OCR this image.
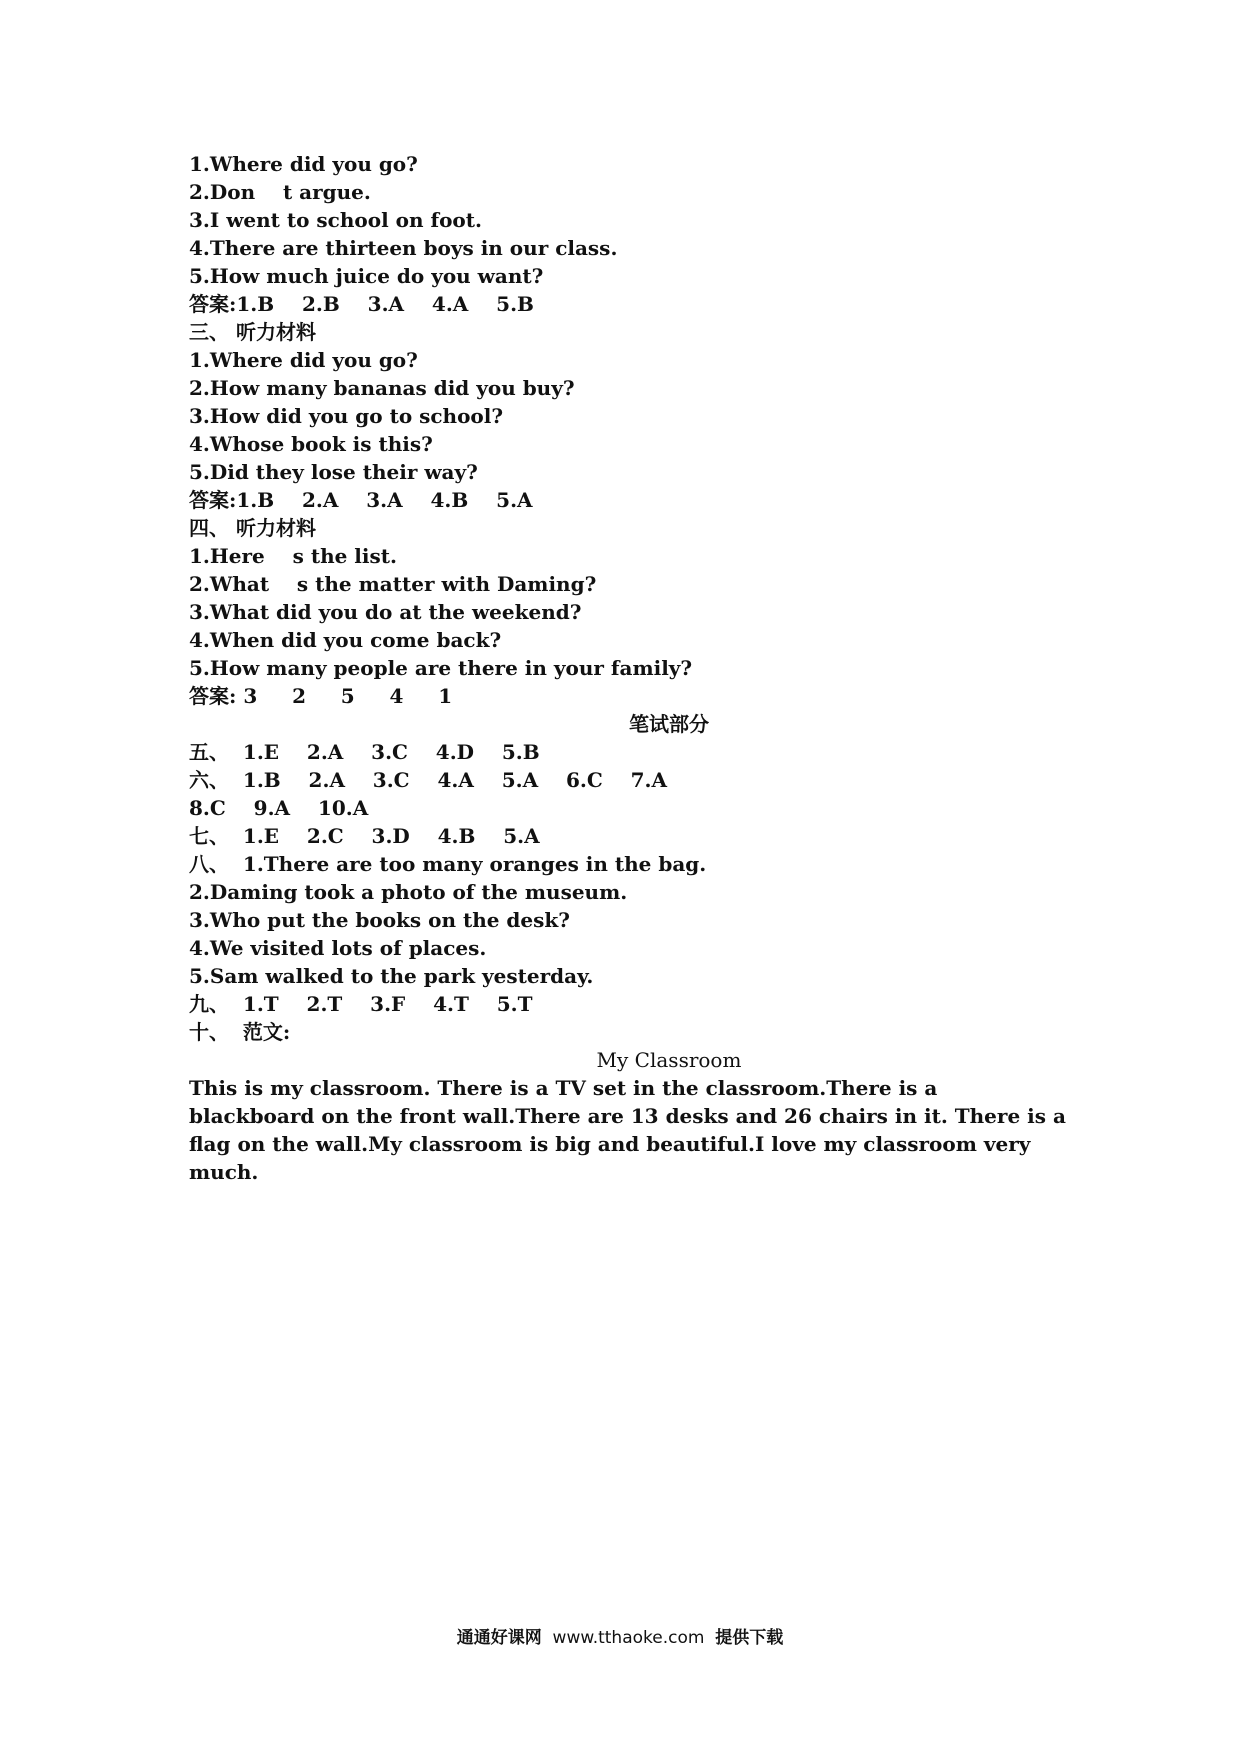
1.Where did you go?
2.Don    t argue.
3.I went to school on foot.
4.There are thirteen boys in our class.
5.How much juice do you want?
答案:1.B    2.B    3.A    4.A    5.B
三、 听力材料
1.Where did you go?
2.How many bananas did you buy?
3.How did you go to school?
4.Whose book is this?
5.Did they lose their way?
答案:1.B    2.A    3.A    4.B    5.A
四、 听力材料
1.Here    s the list.
2.What    s the matter with Daming?
3.What did you do at the weekend?
4.When did you come back?
5.How many people are there in your family?
答案: 3     2     5     4     1
笔试部分
五、  1.E    2.A    3.C    4.D    5.B
六、  1.B    2.A    3.C    4.A    5.A    6.C    7.A
8.C    9.A    10.A
七、  1.E    2.C    3.D    4.B    5.A
八、  1.There are too many oranges in the bag.
2.Daming took a photo of the museum.
3.Who put the books on the desk?
4.We visited lots of places.
5.Sam walked to the park yesterday.
九、  1.T    2.T    3.F    4.T    5.T
十、  范文:
My Classroom
This is my classroom. There is a TV set in the classroom.There is a blackboard on the front wall.There are 13 desks and 26 chairs in it. There is a flag on the wall.My classroom is big and beautiful.I love my classroom very much.
通通好课网 www.tthaoke.com 提供下载
